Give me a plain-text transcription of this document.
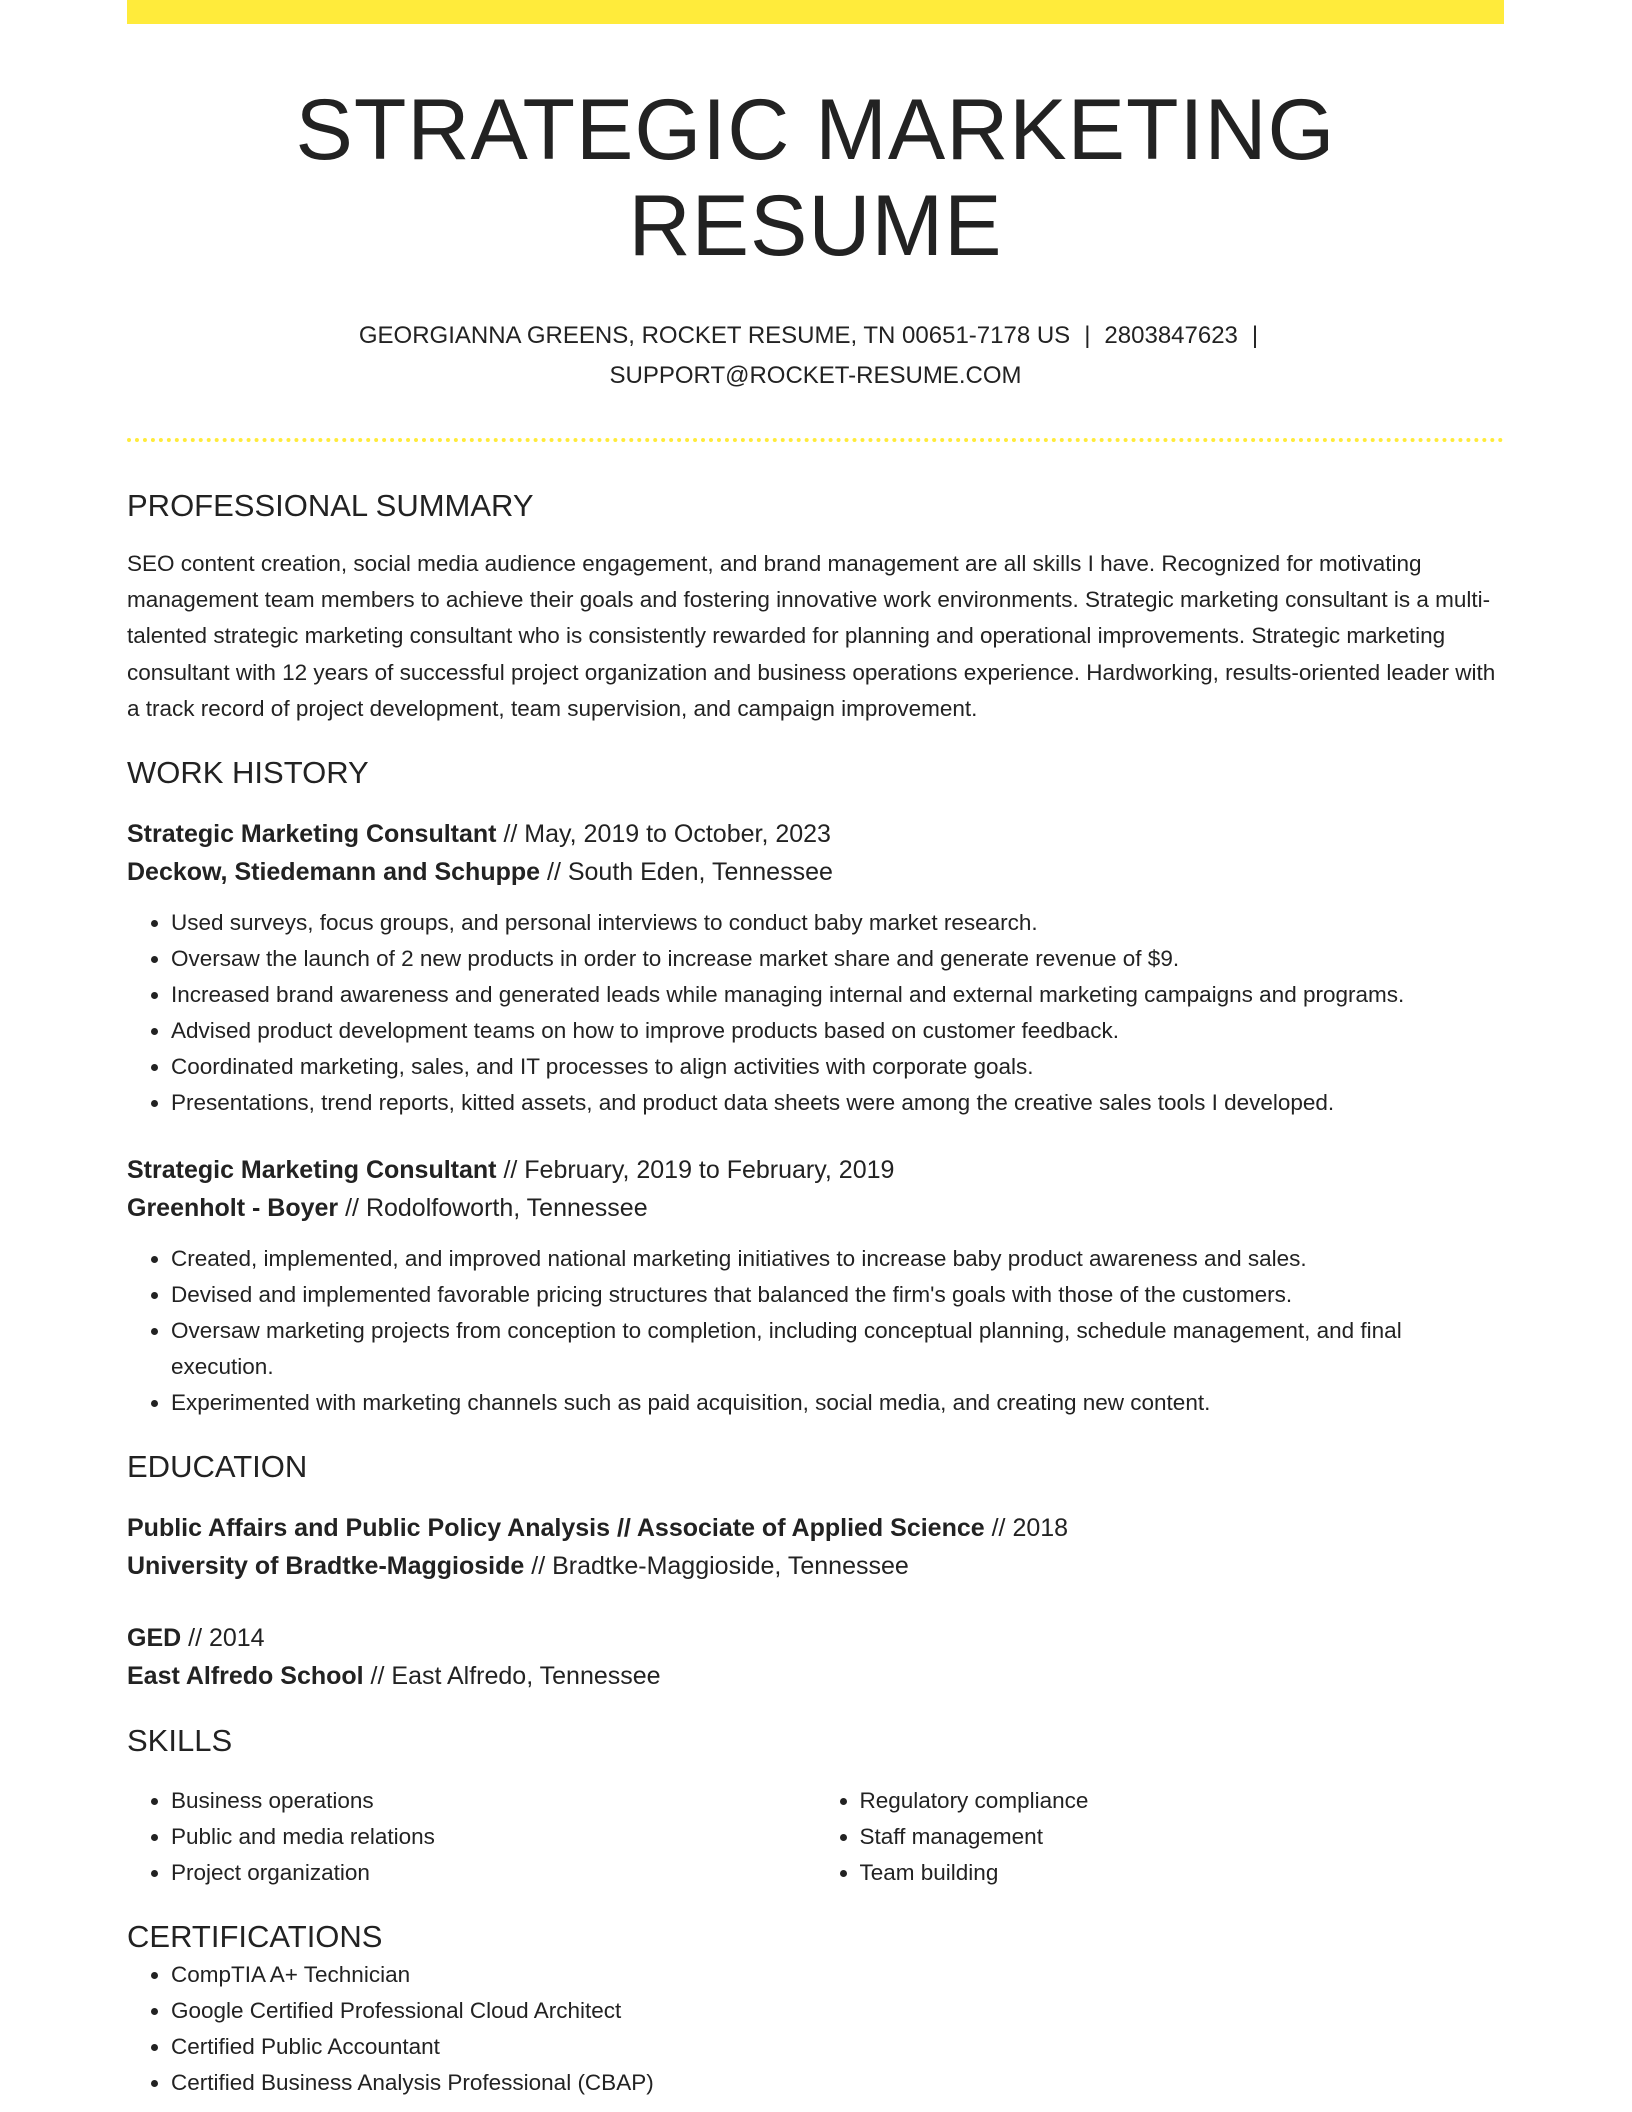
STRATEGIC MARKETING RESUME
GEORGIANNA GREENS, ROCKET RESUME, TN 00651-7178 US | 2803847623 |
SUPPORT@ROCKET-RESUME.COM
PROFESSIONAL SUMMARY

SEO content creation, social media audience engagement, and brand management are all skills I have. Recognized for motivating management team members to achieve their goals and fostering innovative work environments. Strategic marketing consultant is a multi-talented strategic marketing consultant who is consistently rewarded for planning and operational improvements. Strategic marketing consultant with 12 years of successful project organization and business operations experience. Hardworking, results-oriented leader with a track record of project development, team supervision, and campaign improvement.

WORK HISTORY
Strategic Marketing Consultant // May, 2019 to October, 2023
Deckow, Stiedemann and Schuppe // South Eden, Tennessee
• Used surveys, focus groups, and personal interviews to conduct baby market research.
• Oversaw the launch of 2 new products in order to increase market share and generate revenue of $9.
• Increased brand awareness and generated leads while managing internal and external marketing campaigns and programs.
• Advised product development teams on how to improve products based on customer feedback.
• Coordinated marketing, sales, and IT processes to align activities with corporate goals.
• Presentations, trend reports, kitted assets, and product data sheets were among the creative sales tools I developed.
Strategic Marketing Consultant // February, 2019 to February, 2019
Greenholt - Boyer // Rodolfoworth, Tennessee
• Created, implemented, and improved national marketing initiatives to increase baby product awareness and sales.
• Devised and implemented favorable pricing structures that balanced the firm's goals with those of the customers.
• Oversaw marketing projects from conception to completion, including conceptual planning, schedule management, and final execution.
• Experimented with marketing channels such as paid acquisition, social media, and creating new content.
EDUCATION
Public Affairs and Public Policy Analysis // Associate of Applied Science // 2018
University of Bradtke-Maggioside // Bradtke-Maggioside, Tennessee
GED // 2014
East Alfredo School // East Alfredo, Tennessee
SKILLS
• Business operations
• Public and media relations
• Project organization
• Regulatory compliance
• Staff management
• Team building
CERTIFICATIONS
• CompTIA A+ Technician
• Google Certified Professional Cloud Architect
• Certified Public Accountant
• Certified Business Analysis Professional (CBAP)
